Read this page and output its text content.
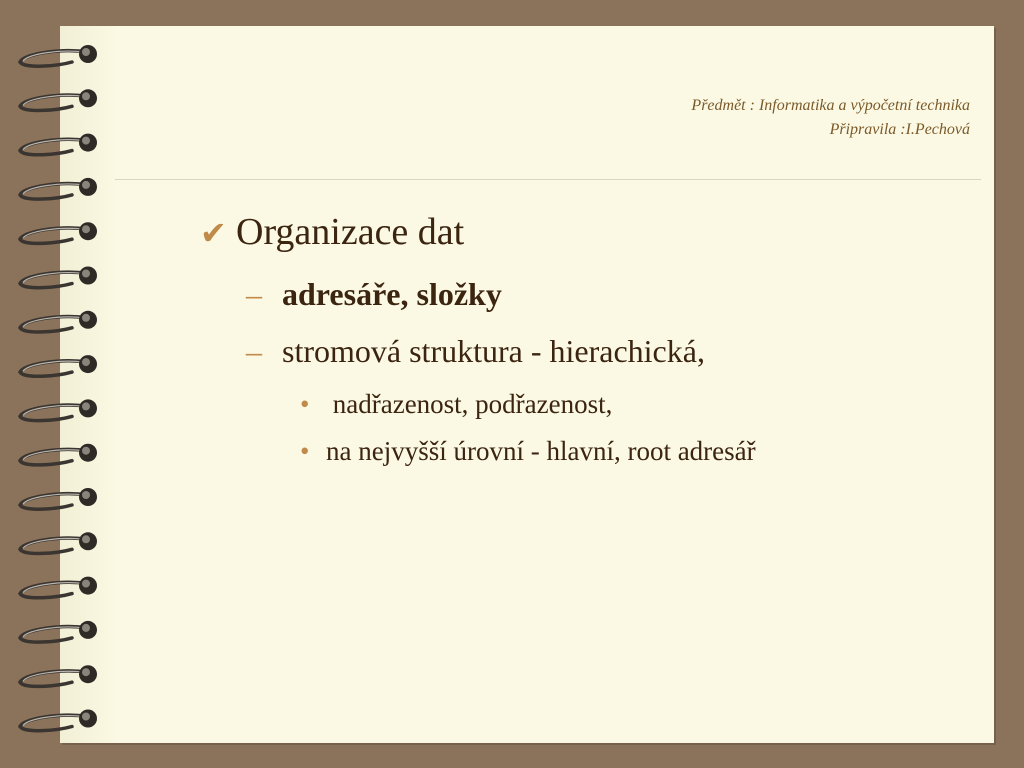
Předmět : Informatika a výpočetní technika
Připravila :I.Pechová
✔ Organizace dat
– adresáře, složky
– stromová struktura - hierachická,
• nadřazenost, podřazenost,
• na nejvyšší úrovní - hlavní, root adresář
